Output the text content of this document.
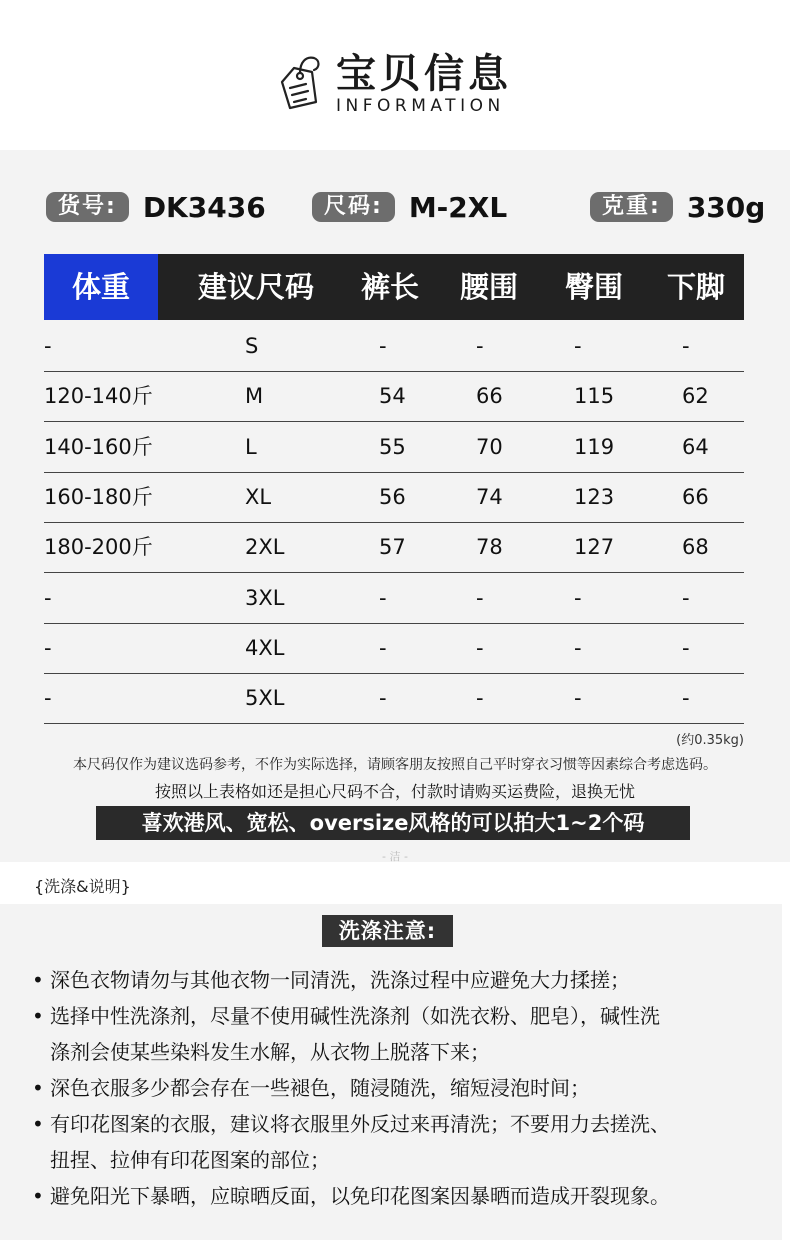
宝贝信息
INFORMATION
货号: DK3436	尺码: M-2XL	克重: 330g
体重	建议尺码 裤长 腰围 臀围 下脚
-	S	-	-	-	-
120-140斤	M	54	66	115	62
140-160斤	L	55	70	119	64
160-180斤	XL	56	74	123	66
180-200斤	2XL	57	78	127	68
-	3XL	-	-	-	-
-	4XL	-	-	-	-
-	5XL	-	-	-	-
(约0.35kg)
本尺码仅作为建议选码参考，不作为实际选择，请顾客朋友按照自己平时穿衣习惯等因素综合考虑选码。
按照以上表格如还是担心尺码不合，付款时请购买运费险，退换无忧
喜欢港风、宽松、oversize风格的可以拍大1~2个码
- 洁 -
{洗涤&说明}
洗涤注意:
• 深色衣物请勿与其他衣物一同清洗，洗涤过程中应避免大力揉搓；
• 选择中性洗涤剂，尽量不使用碱性洗涤剂（如洗衣粉、肥皂），碱性洗
涤剂会使某些染料发生水解，从衣物上脱落下来；
• 深色衣服多少都会存在一些褪色，随浸随洗，缩短浸泡时间；
• 有印花图案的衣服，建议将衣服里外反过来再清洗；不要用力去搓洗、
扭捏、拉伸有印花图案的部位；
• 避免阳光下暴晒，应晾晒反面，以免印花图案因暴晒而造成开裂现象。
